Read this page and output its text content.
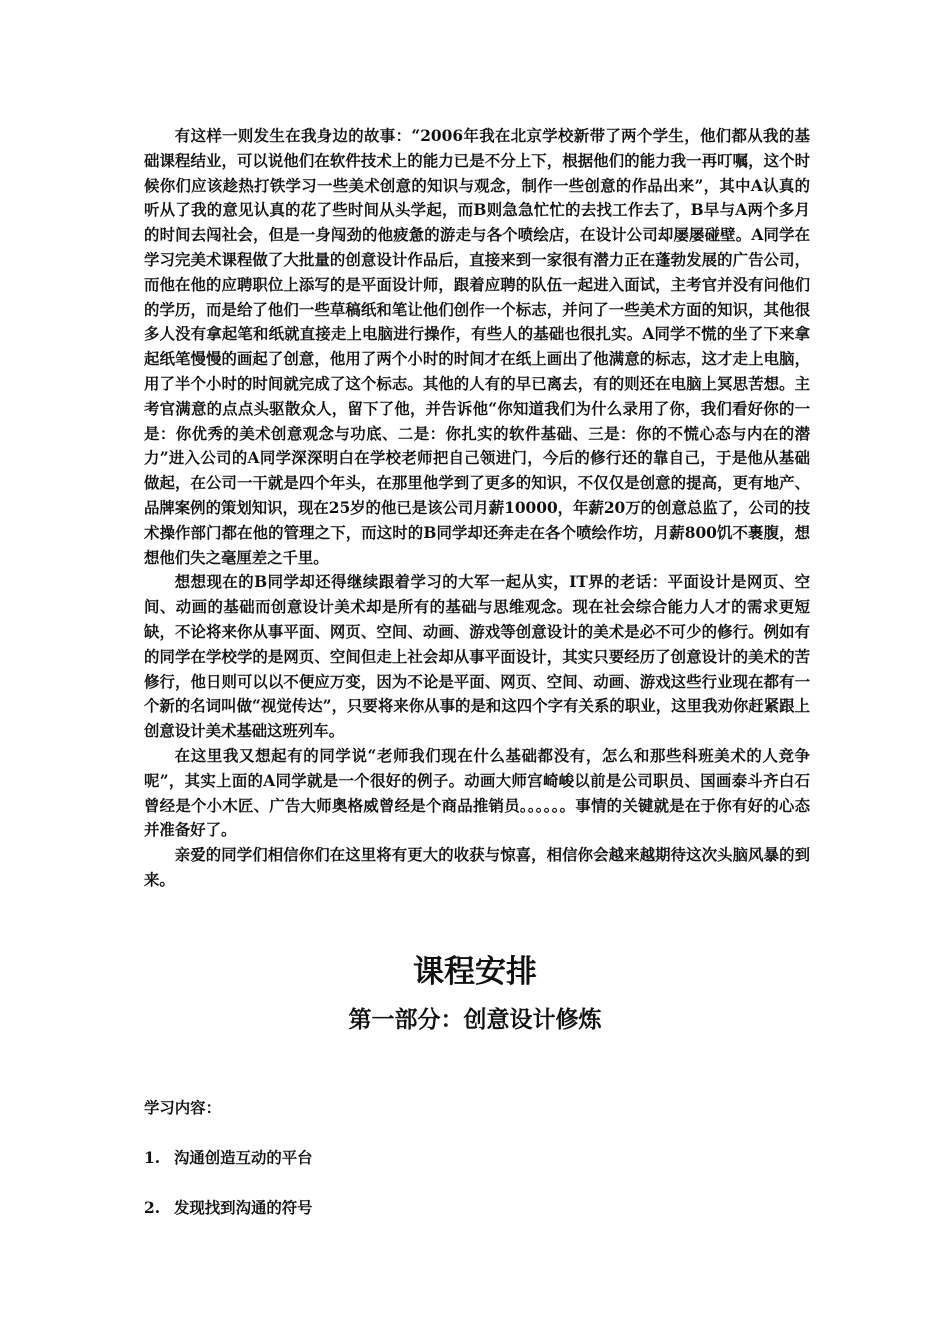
有这样一则发生在我身边的故事：“2006年我在北京学校新带了两个学生，他们都从我的基础课程结业，可以说他们在软件技术上的能力已是不分上下，根据他们的能力我一再叮嘱，这个时候你们应该趁热打铁学习一些美术创意的知识与观念，制作一些创意的作品出来”，其中A认真的听从了我的意见认真的花了些时间从头学起，而B则急急忙忙的去找工作去了，B早与A两个多月的时间去闯社会，但是一身闯劲的他疲惫的游走与各个喷绘店，在设计公司却屡屡碰壁。A同学在学习完美术课程做了大批量的创意设计作品后，直接来到一家很有潜力正在蓬勃发展的广告公司，而他在他的应聘职位上添写的是平面设计师，跟着应聘的队伍一起进入面试，主考官并没有问他们的学历，而是给了他们一些草稿纸和笔让他们创作一个标志，并问了一些美术方面的知识，其他很多人没有拿起笔和纸就直接走上电脑进行操作，有些人的基础也很扎实。A同学不慌的坐了下来拿起纸笔慢慢的画起了创意，他用了两个小时的时间才在纸上画出了他满意的标志，这才走上电脑，用了半个小时的时间就完成了这个标志。其他的人有的早已离去，有的则还在电脑上冥思苦想。主考官满意的点点头驱散众人，留下了他，并告诉他“你知道我们为什么录用了你，我们看好你的一是：你优秀的美术创意观念与功底、二是：你扎实的软件基础、三是：你的不慌心态与内在的潜力”进入公司的A同学深深明白在学校老师把自己领进门，今后的修行还的靠自己，于是他从基础做起，在公司一干就是四个年头，在那里他学到了更多的知识，不仅仅是创意的提高，更有地产、品牌案例的策划知识，现在25岁的他已是该公司月薪10000，年薪20万的创意总监了，公司的技术操作部门都在他的管理之下，而这时的B同学却还奔走在各个喷绘作坊，月薪800饥不裹腹，想想他们失之毫厘差之千里。

想想现在的B同学却还得继续跟着学习的大军一起从实，IT界的老话：平面设计是网页、空间、动画的基础而创意设计美术却是所有的基础与思维观念。现在社会综合能力人才的需求更短缺，不论将来你从事平面、网页、空间、动画、游戏等创意设计的美术是必不可少的修行。例如有的同学在学校学的是网页、空间但走上社会却从事平面设计，其实只要经历了创意设计的美术的苦修行，他日则可以以不便应万变，因为不论是平面、网页、空间、动画、游戏这些行业现在都有一个新的名词叫做“视觉传达”，只要将来你从事的是和这四个字有关系的职业，这里我劝你赶紧跟上创意设计美术基础这班列车。

在这里我又想起有的同学说“老师我们现在什么基础都没有，怎么和那些科班美术的人竞争呢”，其实上面的A同学就是一个很好的例子。动画大师宫崎峻以前是公司职员、国画泰斗齐白石曾经是个小木匠、广告大师奥格威曾经是个商品推销员。。。。。。事情的关键就是在于你有好的心态并准备好了。

亲爱的同学们相信你们在这里将有更大的收获与惊喜，相信你会越来越期待这次头脑风暴的到来。

课程安排
第一部分：创意设计修炼
学习内容：
1. 沟通创造互动的平台
2. 发现找到沟通的符号
